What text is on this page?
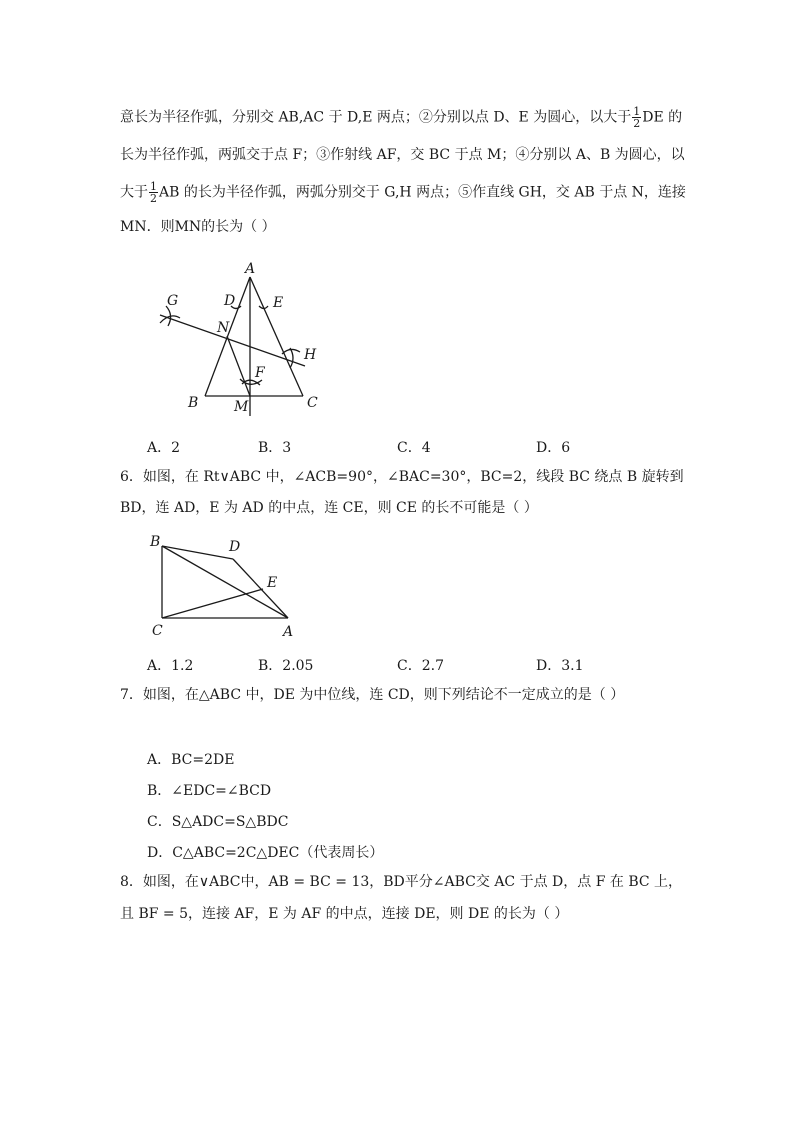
意长为半径作弧，分别交 AB,AC 于 D,E 两点；②分别以点 D、E 为圆心，以大于 $\frac{1}{2}$ DE 的
长为半径作弧，两弧交于点 F；③作射线 AF，交 BC 于点 M；④分别以 A、B 为圆心，以
大于 $\frac{1}{2}$ AB 的长为半径作弧，两弧分别交于 G,H 两点；⑤作直线 GH，交 AB 于点 N，连接
MN．则MN的长为（ ）
A
D	E
G
N
H
F
B	M	C
A．2	B．3	C．4	D．6
6．如图，在 Rt∨ABC 中，∠ACB=90°，∠BAC=30°，BC=2，线段 BC 绕点 B 旋转到
BD，连 AD，E 为 AD 的中点，连 CE，则 CE 的长不可能是（ ）
B	D
E
C	A
A．1.2	B．2.05	C．2.7	D．3.1
7．如图，在△ABC 中，DE 为中位线，连 CD，则下列结论不一定成立的是（ ）
A．BC=2DE
B．∠EDC=∠BCD
C．S△ADC=S△BDC
D．C△ABC=2C△DEC（代表周长）
8．如图，在∨ABC中，AB = BC = 13，BD平分∠ABC交 AC 于点 D，点 F 在 BC 上，
且 BF = 5，连接 AF，E 为 AF 的中点，连接 DE，则 DE 的长为（ ）
